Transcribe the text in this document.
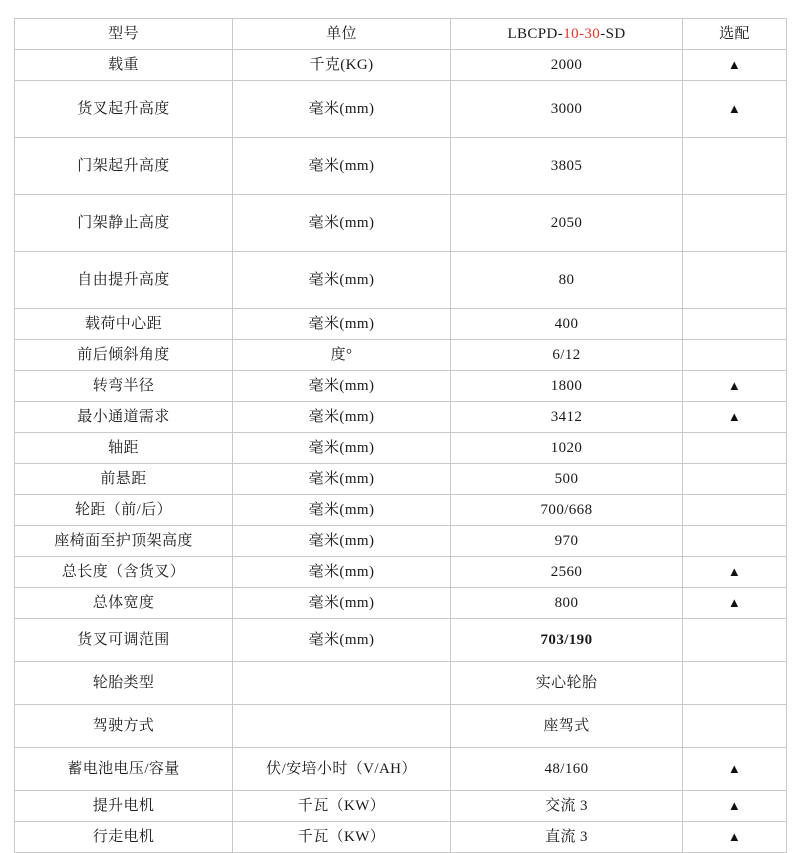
型号	单位	LBCPD-10-30-SD	选配
载重	千克(KG)	2000	▲
货叉起升高度	毫米(mm)	3000	▲
门架起升高度	毫米(mm)	3805	
门架静止高度	毫米(mm)	2050	
自由提升高度	毫米(mm)	80	
载荷中心距	毫米(mm)	400	
前后倾斜角度	度°	6/12	
转弯半径	毫米(mm)	1800	▲
最小通道需求	毫米(mm)	3412	▲
轴距	毫米(mm)	1020	
前悬距	毫米(mm)	500	
轮距（前/后）	毫米(mm)	700/668	
座椅面至护顶架高度	毫米(mm)	970	
总长度（含货叉）	毫米(mm)	2560	▲
总体宽度	毫米(mm)	800	▲
货叉可调范围	毫米(mm)	703/190	
轮胎类型		实心轮胎	
驾驶方式		座驾式	
蓄电池电压/容量	伏/安培小时（V/AH）	48/160	▲
提升电机	千瓦（KW）	交流 3	▲
行走电机	千瓦（KW）	直流 3	▲
